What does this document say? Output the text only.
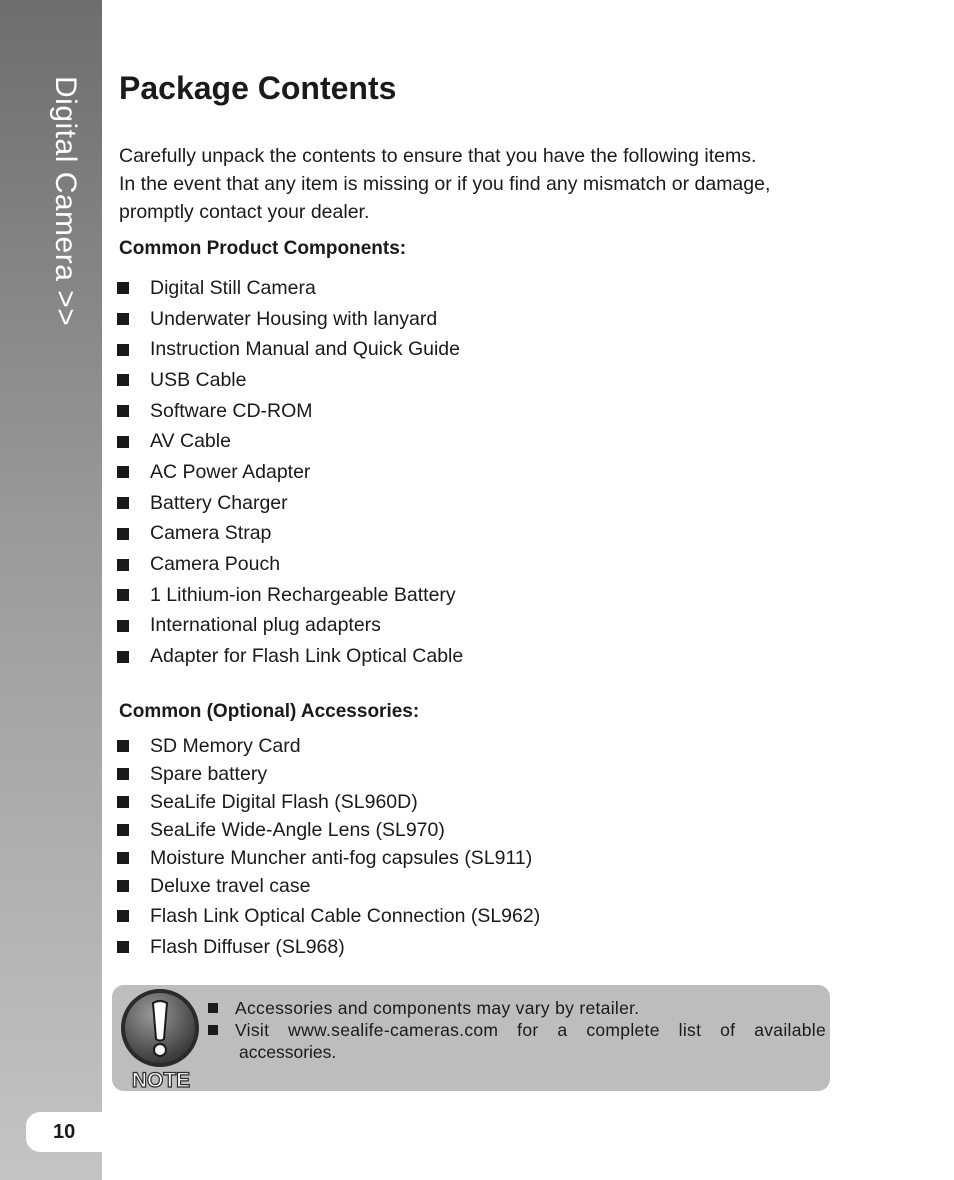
Digital Camera >>
10
Package Contents
Carefully unpack the contents to ensure that you have the following items.
In the event that any item is missing or if you find any mismatch or damage,
promptly contact your dealer.
Common Product Components:
Digital Still Camera
Underwater Housing with lanyard
Instruction Manual and Quick Guide
USB Cable
Software CD-ROM
AV Cable
AC Power Adapter
Battery Charger
Camera Strap
Camera Pouch
1 Lithium-ion Rechargeable Battery
International plug adapters
Adapter for Flash Link Optical Cable
Common (Optional) Accessories:
SD Memory Card
Spare battery
SeaLife Digital Flash (SL960D)
SeaLife Wide-Angle Lens (SL970)
Moisture Muncher anti-fog capsules (SL911)
Deluxe travel case
Flash Link Optical Cable Connection (SL962)
Flash Diffuser (SL968)
NOTE
Accessories and components may vary by retailer.
Visit www.sealife-cameras.com for a complete list of available
accessories.
